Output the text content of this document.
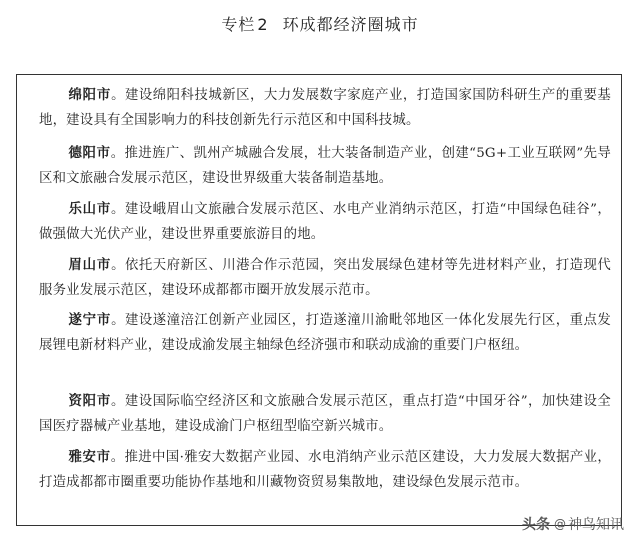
专栏 2 环成都经济圈城市
绵阳市。建设绵阳科技城新区，大力发展数字家庭产业，打造国家国防科研生产的重要基地，建设具有全国影响力的科技创新先行示范区和中国科技城。
德阳市。推进旌广、凯州产城融合发展，壮大装备制造产业，创建“5G+工业互联网”先导区和文旅融合发展示范区，建设世界级重大装备制造基地。
乐山市。建设峨眉山文旅融合发展示范区、水电产业消纳示范区，打造“中国绿色硅谷”，做强做大光伏产业，建设世界重要旅游目的地。
眉山市。依托天府新区、川港合作示范园，突出发展绿色建材等先进材料产业，打造现代服务业发展示范区，建设环成都都市圈开放发展示范市。
遂宁市。建设遂潼涪江创新产业园区，打造遂潼川渝毗邻地区一体化发展先行区，重点发展锂电新材料产业，建设成渝发展主轴绿色经济强市和联动成渝的重要门户枢纽。
资阳市。建设国际临空经济区和文旅融合发展示范区，重点打造“中国牙谷”，加快建设全国医疗器械产业基地，建设成渝门户枢纽型临空新兴城市。
雅安市。推进中国·雅安大数据产业园、水电消纳产业示范区建设，大力发展大数据产业，打造成都都市圈重要功能协作基地和川藏物资贸易集散地，建设绿色发展示范市。
头条 @ 神鸟知讯
